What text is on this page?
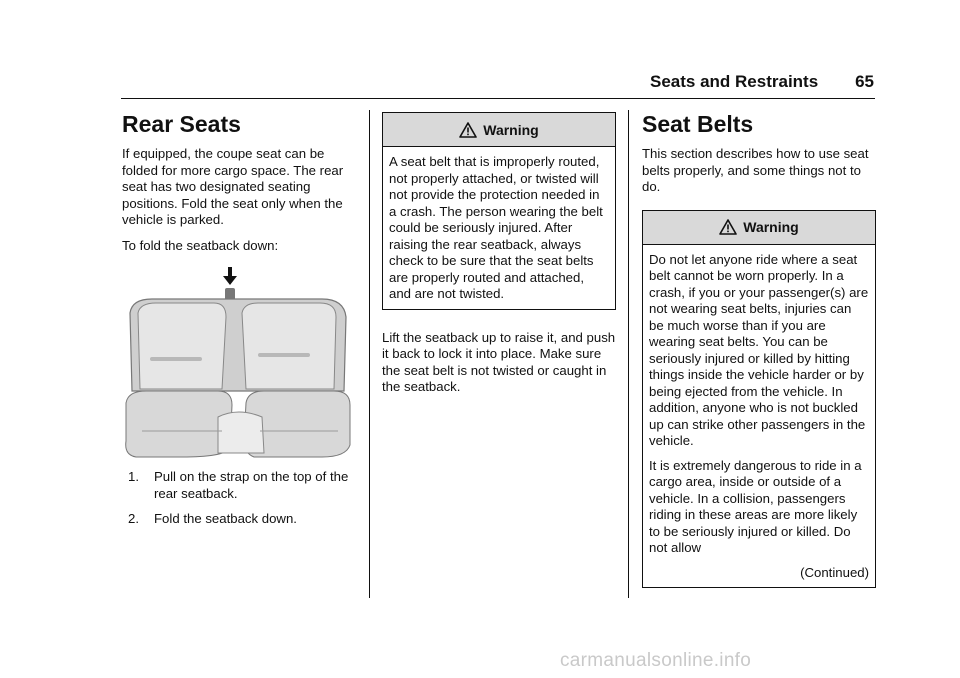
Seats and Restraints 65
Rear Seats

If equipped, the coupe seat can be folded for more cargo space. The rear seat has two designated seating positions. Fold the seat only when the vehicle is parked.

To fold the seatback down:

1. Pull on the strap on the top of the rear seatback.
2. Fold the seatback down.
Warning

A seat belt that is improperly routed, not properly attached, or twisted will not provide the protection needed in a crash. The person wearing the belt could be seriously injured. After raising the rear seatback, always check to be sure that the seat belts are properly routed and attached, and are not twisted.

Lift the seatback up to raise it, and push it back to lock it into place. Make sure the seat belt is not twisted or caught in the seatback.

Seat Belts

This section describes how to use seat belts properly, and some things not to do.

Warning

Do not let anyone ride where a seat belt cannot be worn properly. In a crash, if you or your passenger(s) are not wearing seat belts, injuries can be much worse than if you are wearing seat belts. You can be seriously injured or killed by hitting things inside the vehicle harder or by being ejected from the vehicle. In addition, anyone who is not buckled up can strike other passengers in the vehicle.

It is extremely dangerous to ride in a cargo area, inside or outside of a vehicle. In a collision, passengers riding in these areas are more likely to be seriously injured or killed. Do not allow

(Continued)
carmanualsonline.info
